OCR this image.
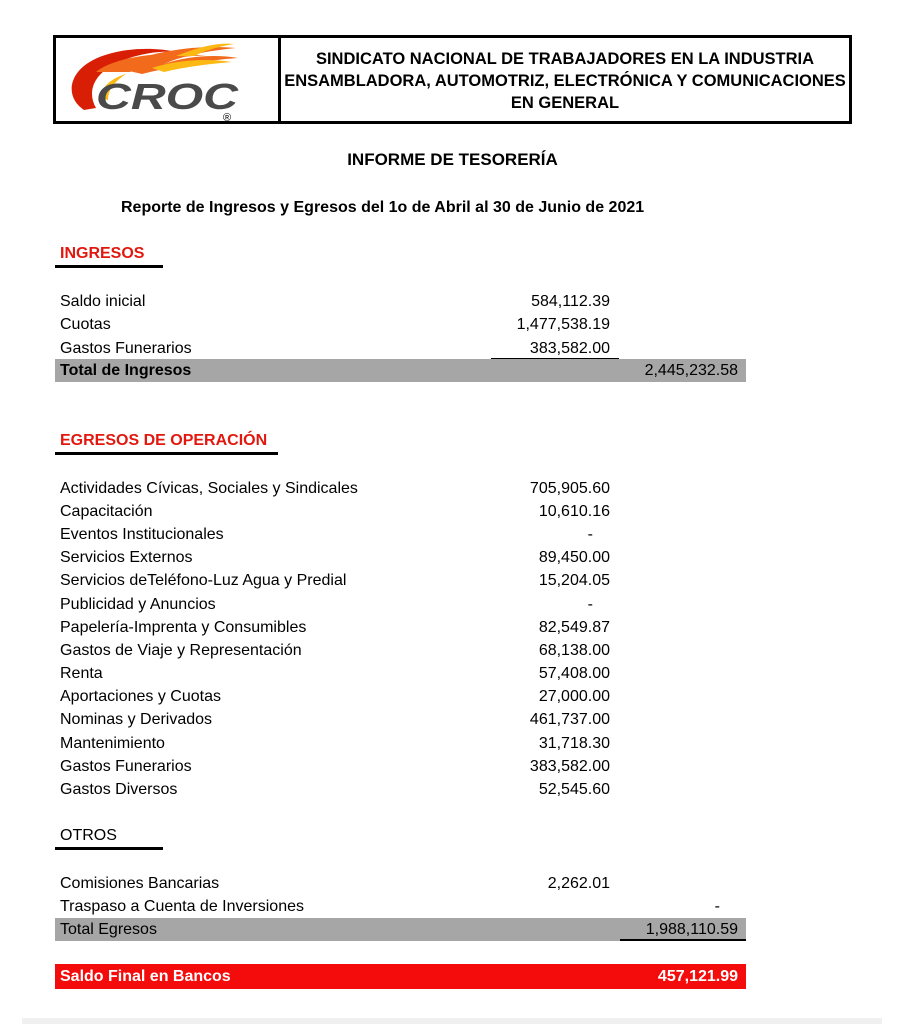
CROC
®
SINDICATO NACIONAL DE TRABAJADORES EN LA INDUSTRIA
ENSAMBLADORA, AUTOMOTRIZ, ELECTRÓNICA Y COMUNICACIONES
EN GENERAL
INFORME DE TESORERÍA
Reporte de Ingresos y Egresos del 1o de Abril al 30 de Junio de 2021
INGRESOS
Saldo inicial	584,112.39
Cuotas	1,477,538.19
Gastos Funerarios	383,582.00
Total de Ingresos	2,445,232.58
EGRESOS DE OPERACIÓN
Actividades Cívicas, Sociales y Sindicales	705,905.60
Capacitación	10,610.16
Eventos Institucionales	-
Servicios Externos	89,450.00
Servicios deTeléfono-Luz Agua y Predial	15,204.05
Publicidad y Anuncios	-
Papelería-Imprenta y Consumibles	82,549.87
Gastos de Viaje y Representación	68,138.00
Renta	57,408.00
Aportaciones y Cuotas	27,000.00
Nominas y Derivados	461,737.00
Mantenimiento	31,718.30
Gastos Funerarios	383,582.00
Gastos Diversos	52,545.60
OTROS
Comisiones Bancarias	2,262.01
Traspaso a Cuenta de Inversiones	-
Total Egresos	1,988,110.59
Saldo Final en Bancos	457,121.99
